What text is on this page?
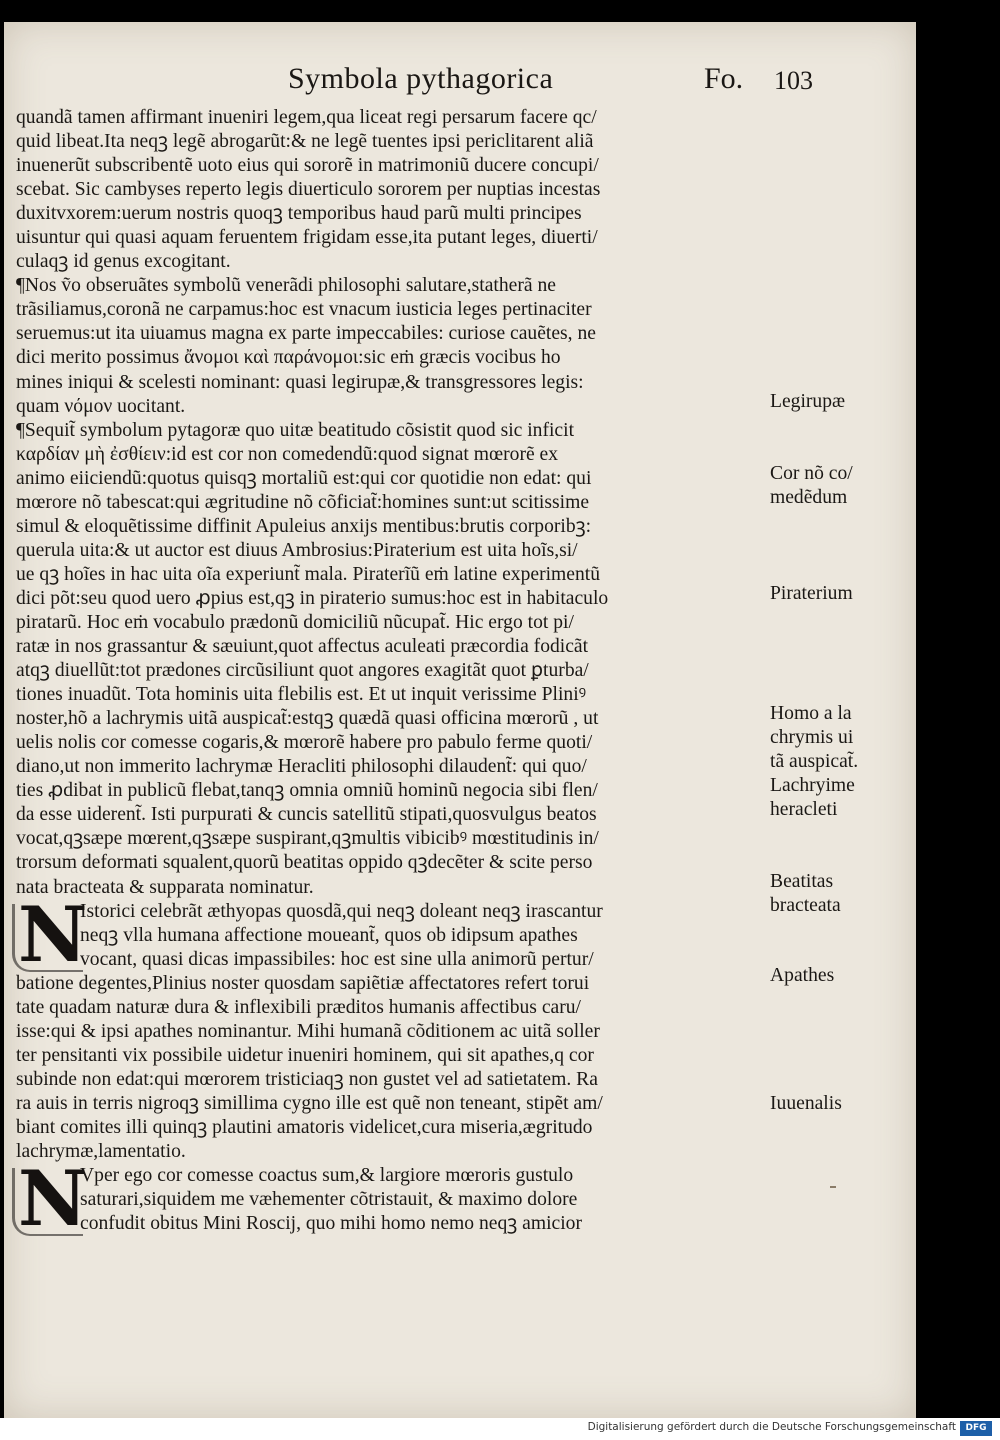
Symbola pythagorica	Fo. 103

quandã tamen affirmant inueniri legem,qua liceat regi persarum facere qc/
quid libeat.Ita neqꝫ legẽ abrogarũt:& ne legẽ tuentes ipsi periclitarent aliã
inuenerũt subscribentẽ uoto eius qui sororẽ in matrimoniũ ducere concupi/
scebat. Sic cambyses reperto legis diuerticulo sororem per nuptias incestas
duxitvxorem:uerum nostris quoqꝫ temporibus haud parũ multi principes
uisuntur qui quasi aquam feruentem frigidam esse,ita putant leges, diuerti/
culaqꝫ id genus excogitant.

¶Nos ṽo obseruãtes symbolũ venerãdi philosophi salutare,statherã ne
trãsiliamus,coronã ne carpamus:hoc est vnacum iusticia leges pertinaciter
seruemus:ut ita uiuamus magna ex parte impeccabiles: curiose cauẽtes, ne
dici merito possimus ἄνομοι καὶ παράνομοι:sic eṁ græcis vocibus ho
mines iniqui & scelesti nominant: quasi legirupæ,& transgressores legis:
quam νόμον uocitant.

¶Sequit̃ symbolum pytagoræ quo uitæ beatitudo cõsistit quod sic inficit
καρδίαν μὴ ἐσθίειν:id est cor non comedendũ:quod signat mœrorẽ ex
animo eiiciendũ:quotus quisqꝫ mortaliũ est:qui cor quotidie non edat: qui
mœrore nõ tabescat:qui ægritudine nõ cõficiat̃:homines sunt:ut scitissime
simul & eloquẽtissime diffinit Apuleius anxijs mentibus:brutis corporibꝫ:
querula uita:& ut auctor est diuus Ambrosius:Piraterium est uita hoĩs,si/
ue qꝫ hoĩes in hac uita oĩa experiunt̃ mala. Piraterĩũ eṁ latine experimentũ
dici põt:seu quod uero ꝓpius est,qꝫ in piraterio sumus:hoc est in habitaculo
piratarũ. Hoc eṁ vocabulo prædonũ domiciliũ nũcupat̃. Hic ergo tot pi/
ratæ in nos grassantur & sæuiunt,quot affectus aculeati præcordia fodicãt
atqꝫ diuellũt:tot prædones circũsiliunt quot angores exagitãt quot ꝑturba/
tiones inuadũt. Tota hominis uita flebilis est. Et ut inquit verissime Pliniꝰ
noster,hõ a lachrymis uitã auspicat̃:estqꝫ quædã quasi officina mœrorũ , ut
uelis nolis cor comesse cogaris,& mœrorẽ habere pro pabulo ferme quoti/
diano,ut non immerito lachrymæ Heracliti philosophi dilaudent̃: qui quo/
ties ꝓdibat in publicũ flebat,tanqꝫ omnia omniũ hominũ negocia sibi flen/
da esse uiderent̃. Isti purpurati & cuncis satellitũ stipati,quosvulgus beatos
vocat,qꝫsæpe mœrent,qꝫsæpe suspirant,qꝫmultis vibicibꝰ mœstitudinis in/
trorsum deformati squalent,quorũ beatitas oppido qꝫdecẽter & scite perso
nata bracteata & supparata nominatur.

N
Istorici celebrãt æthyopas quosdã,qui neqꝫ doleant neqꝫ irascantur
neqꝫ vlla humana affectione moueant̃, quos ob idipsum apathes
vocant, quasi dicas impassibiles: hoc est sine ulla animorũ pertur/
batione degentes,Plinius noster quosdam sapiẽtiæ affectatores refert torui
tate quadam naturæ dura & inflexibili præditos humanis affectibus caru/
isse:qui & ipsi apathes nominantur. Mihi humanã cõditionem ac uitã soller
ter pensitanti vix possibile uidetur inueniri hominem, qui sit apathes,q cor
subinde non edat:qui mœrorem tristiciaqꝫ non gustet vel ad satietatem. Ra
ra auis in terris nigroqꝫ simillima cygno ille est quẽ non teneant, stipẽt am/
biant comites illi quinqꝫ plautini amatoris videlicet,cura miseria,ægritudo
lachrymæ,lamentatio.

N
Vper ego cor comesse coactus sum,& largiore mœroris gustulo
saturari,siquidem me væhementer cõtristauit, & maximo dolore
confudit obitus Mini Roscij, quo mihi homo nemo neqꝫ amicior

Legirupæ
Cor nõ co/
medẽdum
Piraterium
Homo a la
chrymis ui
tã auspicat̃.
Lachryime
heracleti
Beatitas
bracteata
Apathes
Iuuenalis
Digitalisierung gefördert durch die Deutsche Forschungsgemeinschaft	DFG
